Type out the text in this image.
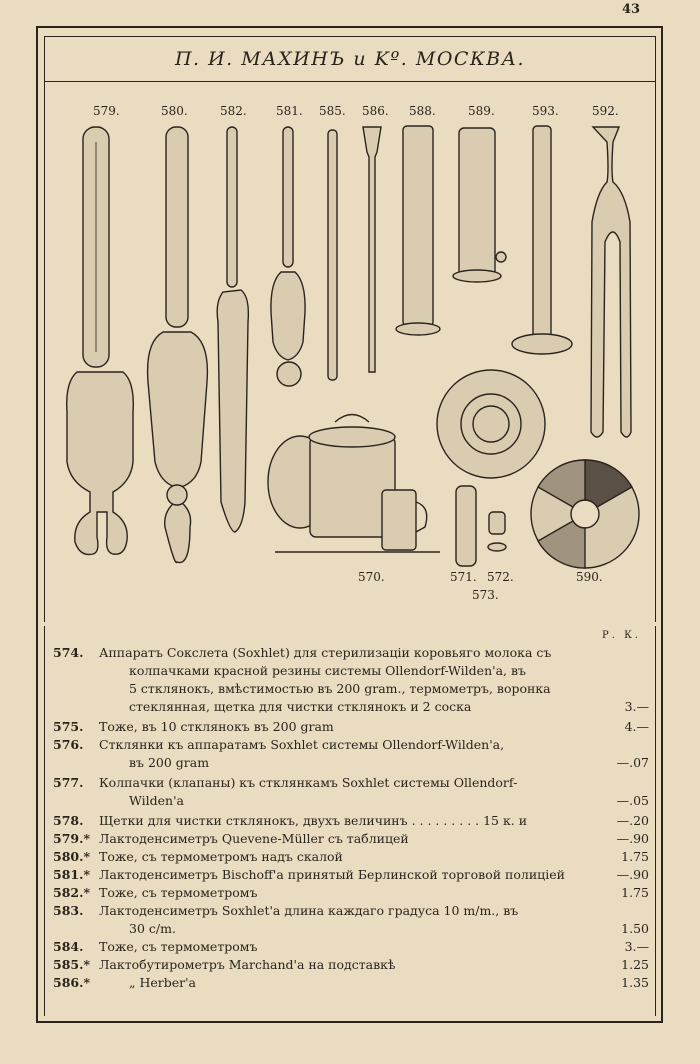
43
П. И. МАХИНЪ и Kº. МОСКВА.
579.	580.	582. 581. 585. 586. 588.	589.	593.	592.
570.	571. 572.
573.
590.
Р. К.
574.	Аппаратъ Сокслета (Soxhlet) для стерилизацiи коровьяго молока съ
колпачками красной резины системы Ollendorf-Wilden'а, въ
5 стклянокъ, вмѣстимостью въ 200 gram., термометръ, воронка
стеклянная, щетка для чистки стклянокъ и 2 соска	3.—
575.	Тоже, въ 10 стклянокъ въ 200 gram	4.—
576.	Стклянки къ аппаратамъ Soxhlet системы Ollendorf-Wilden'а,
въ 200 gram	—.07
577.	Колпачки (клапаны) къ стклянкамъ Soxhlet системы Ollendorf-
Wilden'а	—.05
578.	Щетки для чистки стклянокъ, двухъ величинъ . . . . . . . . . 15 к. и	—.20
579.* Лактоденсиметръ Quevene-Müller съ таблицей	—.90
580.* Тоже, съ термометромъ надъ скалой	1.75
581.* Лактоденсиметръ Bischoff'а принятый Берлинской торговой полицiей	—.90
582.* Тоже, съ термометромъ	1.75
583.	Лактоденсиметръ Soxhlet'а длина каждаго градуса 10 m/m., въ
30 c/m.	1.50
584.	Тоже, съ термометромъ	3.—
585.* Лактобутирометръ Marchand'а на подставкѣ	1.25
586.*	„ Herber'а	1.35
